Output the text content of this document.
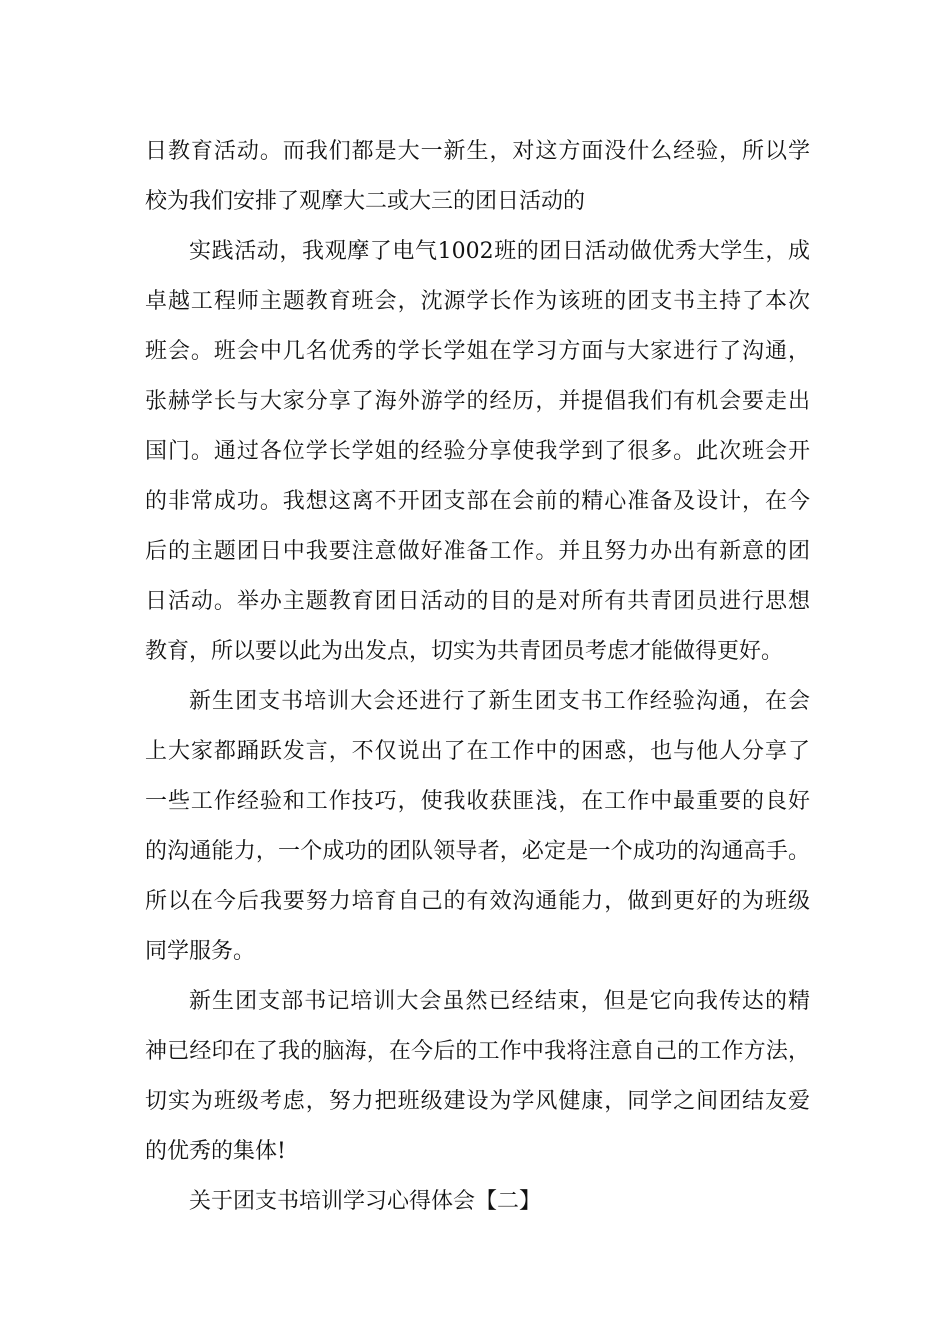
日教育活动。而我们都是大一新生，对这方面没什么经验，所以学
校为我们安排了观摩大二或大三的团日活动的
实践活动，我观摩了电气1002班的团日活动做优秀大学生，成
卓越工程师主题教育班会，沈源学长作为该班的团支书主持了本次
班会。班会中几名优秀的学长学姐在学习方面与大家进行了沟通，
张赫学长与大家分享了海外游学的经历，并提倡我们有机会要走出
国门。通过各位学长学姐的经验分享使我学到了很多。此次班会开
的非常成功。我想这离不开团支部在会前的精心准备及设计，在今
后的主题团日中我要注意做好准备工作。并且努力办出有新意的团
日活动。举办主题教育团日活动的目的是对所有共青团员进行思想
教育，所以要以此为出发点，切实为共青团员考虑才能做得更好。
新生团支书培训大会还进行了新生团支书工作经验沟通，在会
上大家都踊跃发言，不仅说出了在工作中的困惑，也与他人分享了
一些工作经验和工作技巧，使我收获匪浅，在工作中最重要的良好
的沟通能力，一个成功的团队领导者，必定是一个成功的沟通高手。
所以在今后我要努力培育自己的有效沟通能力，做到更好的为班级
同学服务。
新生团支部书记培训大会虽然已经结束，但是它向我传达的精
神已经印在了我的脑海，在今后的工作中我将注意自己的工作方法，
切实为班级考虑，努力把班级建设为学风健康，同学之间团结友爱
的优秀的集体!
关于团支书培训学习心得体会【二】
